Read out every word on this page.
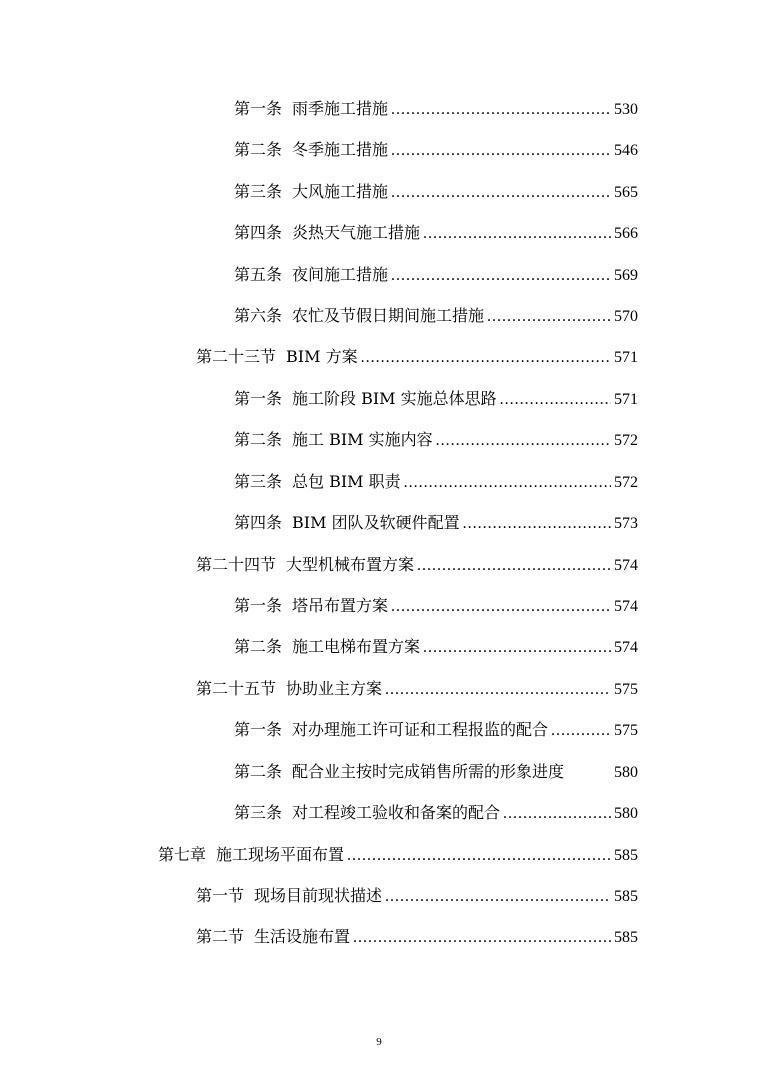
第一条 雨季施工措施 .....	530
第二条 冬季施工措施 .....	546
第三条 大风施工措施 .....	565
第四条 炎热天气施工措施 .....	566
第五条 夜间施工措施 .....	569
第六条 农忙及节假日期间施工措施 .....	570
第二十三节 BIM 方案 .....	571
第一条 施工阶段 BIM 实施总体思路 .....	571
第二条 施工 BIM 实施内容 .....	572
第三条 总包 BIM 职责 .....	572
第四条 BIM 团队及软硬件配置 .....	573
第二十四节 大型机械布置方案 .....	574
第一条 塔吊布置方案 .....	574
第二条 施工电梯布置方案 .....	574
第二十五节 协助业主方案 .....	575
第一条 对办理施工许可证和工程报监的配合 .....	575
第二条 配合业主按时完成销售所需的形象进度	580
第三条 对工程竣工验收和备案的配合 .....	580
第七章 施工现场平面布置 .....	585
第一节 现场目前现状描述 .....	585
第二节 生活设施布置 .....	585
9
